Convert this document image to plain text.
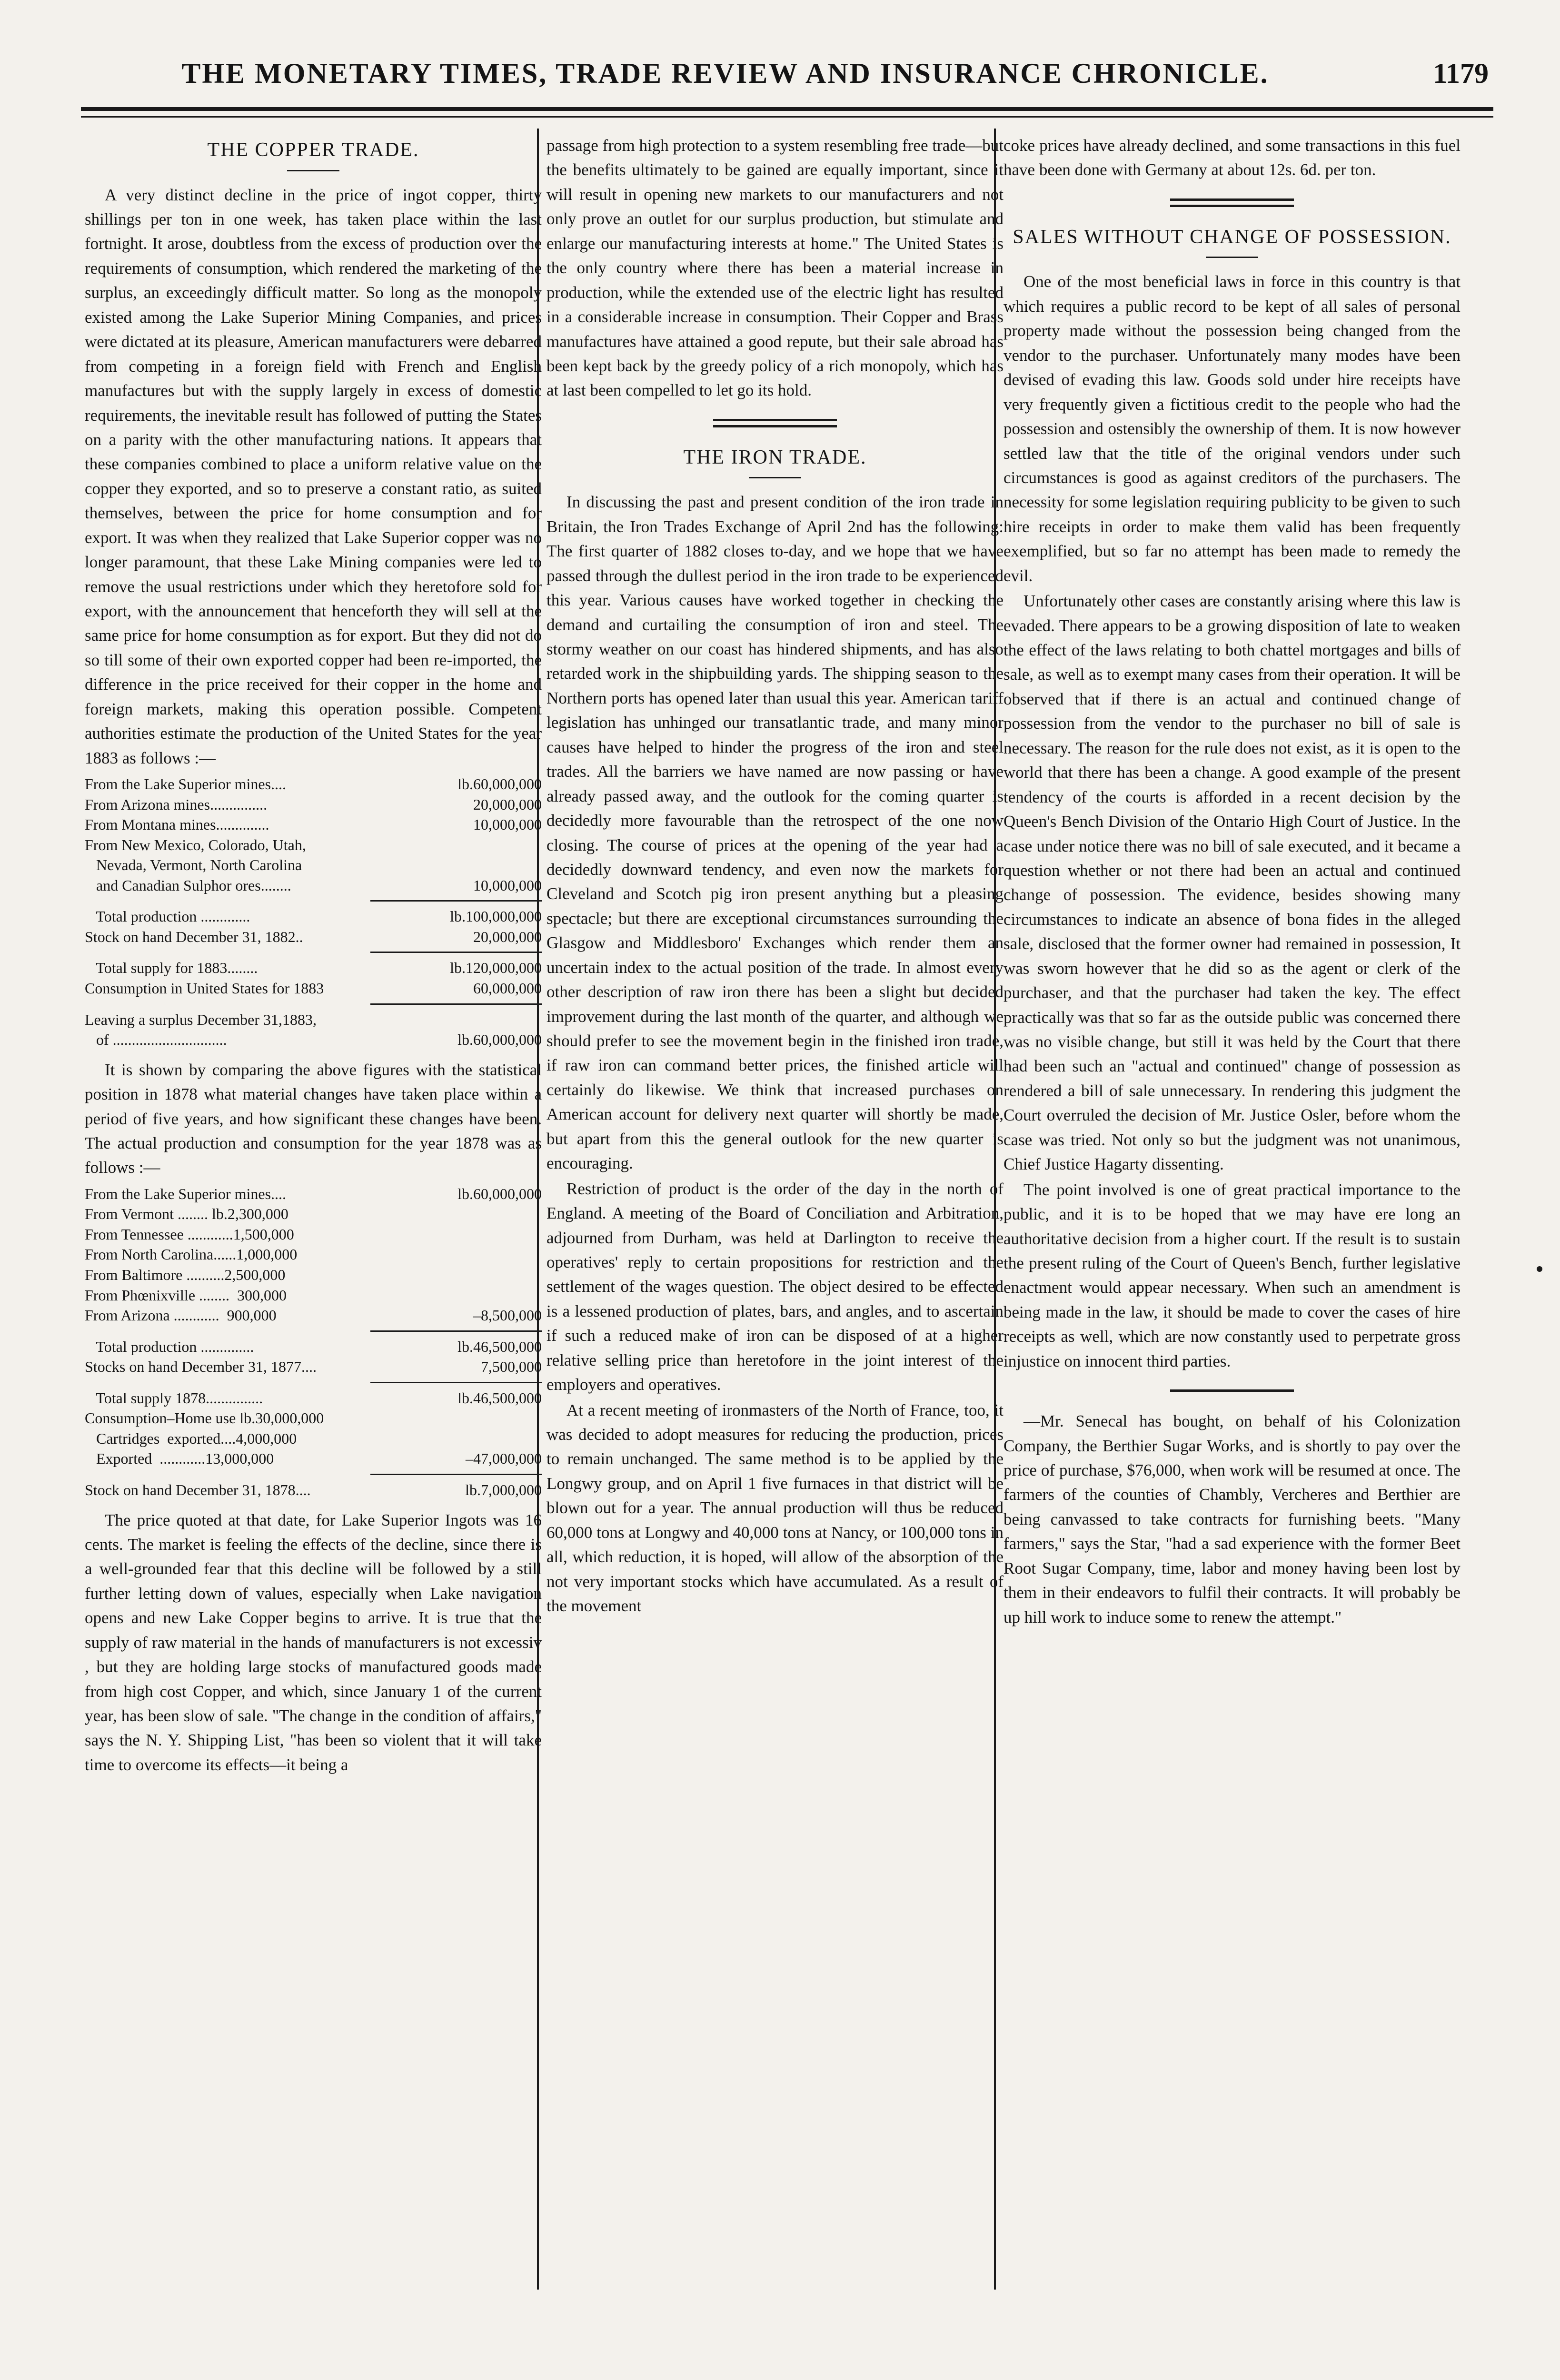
THE MONETARY TIMES, TRADE REVIEW AND INSURANCE CHRONICLE.	1179
THE COPPER TRADE.

A very distinct decline in the price of ingot copper, thirty shillings per ton in one week, has taken place within the last fortnight. It arose, doubtless from the excess of production over the requirements of consumption, which rendered the marketing of the surplus, an exceedingly difficult matter. So long as the monopoly existed among the Lake Superior Mining Companies, and prices were dictated at its pleasure, American manufacturers were debarred from competing in a foreign field with French and English manufactures but with the supply largely in excess of domestic requirements, the inevitable result has followed of putting the States on a parity with the other manufacturing nations. It appears that these companies combined to place a uniform relative value on the copper they exported, and so to preserve a constant ratio, as suited themselves, between the price for home consumption and for export. It was when they realized that Lake Superior copper was no longer paramount, that these Lake Mining companies were led to remove the usual restrictions under which they heretofore sold for export, with the announcement that henceforth they will sell at the same price for home consumption as for export. But they did not do so till some of their own exported copper had been re-imported, the difference in the price received for their copper in the home and foreign markets, making this operation possible. Competent authorities estimate the production of the United States for the year 1883 as follows :—

From the Lake Superior mines....	lb.60,000,000
From Arizona mines...............	20,000,000
From Montana mines..............	10,000,000
From New Mexico, Colorado, Utah,
Nevada, Vermont, North Carolina
and Canadian Sulphor ores........	10,000,000
Total production .............	lb.100,000,000
Stock on hand December 31, 1882..	20,000,000
Total supply for 1883........	lb.120,000,000
Consumption in United States for 1883	60,000,000
Leaving a surplus December 31,1883,
of ..............................	lb.60,000,000

It is shown by comparing the above figures with the statistical position in 1878 what material changes have taken place within a period of five years, and how significant these changes have been. The actual production and consumption for the year 1878 was as follows :—

From the Lake Superior mines....	lb.60,000,000
From Vermont ........ lb.2,300,000
From Tennessee ............1,500,000
From North Carolina......1,000,000
From Baltimore ..........2,500,000
From Phœnixville ........  300,000
From Arizona ............  900,000	–8,500,000
Total production ..............	lb.46,500,000
Stocks on hand December 31, 1877....	7,500,000
Total supply 1878...............	lb.46,500,000
Consumption–Home use lb.30,000,000
Cartridges  exported....4,000,000
Exported  ............13,000,000	–47,000,000
Stock on hand December 31, 1878....	lb.7,000,000

The price quoted at that date, for Lake Superior Ingots was 16 cents. The market is feeling the effects of the decline, since there is a well-grounded fear that this decline will be followed by a still further letting down of values, especially when Lake navigation opens and new Lake Copper begins to arrive. It is true that the supply of raw material in the hands of manufacturers is not excessiv , but they are holding large stocks of manufactured goods made from high cost Copper, and which, since January 1 of the current year, has been slow of sale. "The change in the condition of affairs," says the N. Y. Shipping List, "has been so violent that it will take time to overcome its effects—it being a

passage from high protection to a system resembling free trade—but the benefits ultimately to be gained are equally important, since it will result in opening new markets to our manufacturers and not only prove an outlet for our surplus production, but stimulate and enlarge our manufacturing interests at home." The United States is the only country where there has been a material increase in production, while the extended use of the electric light has resulted in a considerable increase in consumption. Their Copper and Brass manufactures have attained a good repute, but their sale abroad has been kept back by the greedy policy of a rich monopoly, which has at last been compelled to let go its hold.

THE IRON TRADE.

In discussing the past and present condition of the iron trade in Britain, the Iron Trades Exchange of April 2nd has the following: The first quarter of 1882 closes to-day, and we hope that we have passed through the dullest period in the iron trade to be experienced this year. Various causes have worked together in checking the demand and curtailing the consumption of iron and steel. The stormy weather on our coast has hindered shipments, and has also retarded work in the shipbuilding yards. The shipping season to the Northern ports has opened later than usual this year. American tariff legislation has unhinged our transatlantic trade, and many minor causes have helped to hinder the progress of the iron and steel trades. All the barriers we have named are now passing or have already passed away, and the outlook for the coming quarter is decidedly more favourable than the retrospect of the one now closing. The course of prices at the opening of the year had a decidedly downward tendency, and even now the markets for Cleveland and Scotch pig iron present anything but a pleasing spectacle; but there are exceptional circumstances surrounding the Glasgow and Middlesboro' Exchanges which render them an uncertain index to the actual position of the trade. In almost every other description of raw iron there has been a slight but decided improvement during the last month of the quarter, and although we should prefer to see the movement begin in the finished iron trade, if raw iron can command better prices, the finished article will certainly do likewise. We think that increased purchases on American account for delivery next quarter will shortly be made, but apart from this the general outlook for the new quarter is encouraging.

Restriction of product is the order of the day in the north of England. A meeting of the Board of Conciliation and Arbitration, adjourned from Durham, was held at Darlington to receive the operatives' reply to certain propositions for restriction and the settlement of the wages question. The object desired to be effected is a lessened production of plates, bars, and angles, and to ascertain if such a reduced make of iron can be disposed of at a higher relative selling price than heretofore in the joint interest of the employers and operatives.

At a recent meeting of ironmasters of the North of France, too, it was decided to adopt measures for reducing the production, prices to remain unchanged. The same method is to be applied by the Longwy group, and on April 1 five furnaces in that district will be blown out for a year. The annual production will thus be reduced 60,000 tons at Longwy and 40,000 tons at Nancy, or 100,000 tons in all, which reduction, it is hoped, will allow of the absorption of the not very important stocks which have accumulated. As a result of the movement

coke prices have already declined, and some transactions in this fuel have been done with Germany at about 12s. 6d. per ton.

SALES WITHOUT CHANGE OF POSSESSION.

One of the most beneficial laws in force in this country is that which requires a public record to be kept of all sales of personal property made without the possession being changed from the vendor to the purchaser. Unfortunately many modes have been devised of evading this law. Goods sold under hire receipts have very frequently given a fictitious credit to the people who had the possession and ostensibly the ownership of them. It is now however settled law that the title of the original vendors under such circumstances is good as against creditors of the purchasers. The necessity for some legislation requiring publicity to be given to such hire receipts in order to make them valid has been frequently exemplified, but so far no attempt has been made to remedy the evil.

Unfortunately other cases are constantly arising where this law is evaded. There appears to be a growing disposition of late to weaken the effect of the laws relating to both chattel mortgages and bills of sale, as well as to exempt many cases from their operation. It will be observed that if there is an actual and continued change of possession from the vendor to the purchaser no bill of sale is necessary. The reason for the rule does not exist, as it is open to the world that there has been a change. A good example of the present tendency of the courts is afforded in a recent decision by the Queen's Bench Division of the Ontario High Court of Justice. In the case under notice there was no bill of sale executed, and it became a question whether or not there had been an actual and continued change of possession. The evidence, besides showing many circumstances to indicate an absence of bona fides in the alleged sale, disclosed that the former owner had remained in possession, It was sworn however that he did so as the agent or clerk of the purchaser, and that the purchaser had taken the key. The effect practically was that so far as the outside public was concerned there was no visible change, but still it was held by the Court that there had been such an "actual and continued" change of possession as rendered a bill of sale unnecessary. In rendering this judgment the Court overruled the decision of Mr. Justice Osler, before whom the case was tried. Not only so but the judgment was not unanimous, Chief Justice Hagarty dissenting.

The point involved is one of great practical importance to the public, and it is to be hoped that we may have ere long an authoritative decision from a higher court. If the result is to sustain the present ruling of the Court of Queen's Bench, further legislative enactment would appear necessary. When such an amendment is being made in the law, it should be made to cover the cases of hire receipts as well, which are now constantly used to perpetrate gross injustice on innocent third parties.

—Mr. Senecal has bought, on behalf of his Colonization Company, the Berthier Sugar Works, and is shortly to pay over the price of purchase, $76,000, when work will be resumed at once. The farmers of the counties of Chambly, Vercheres and Berthier are being canvassed to take contracts for furnishing beets. "Many farmers," says the Star, "had a sad experience with the former Beet Root Sugar Company, time, labor and money having been lost by them in their endeavors to fulfil their contracts. It will probably be up hill work to induce some to renew the attempt."
